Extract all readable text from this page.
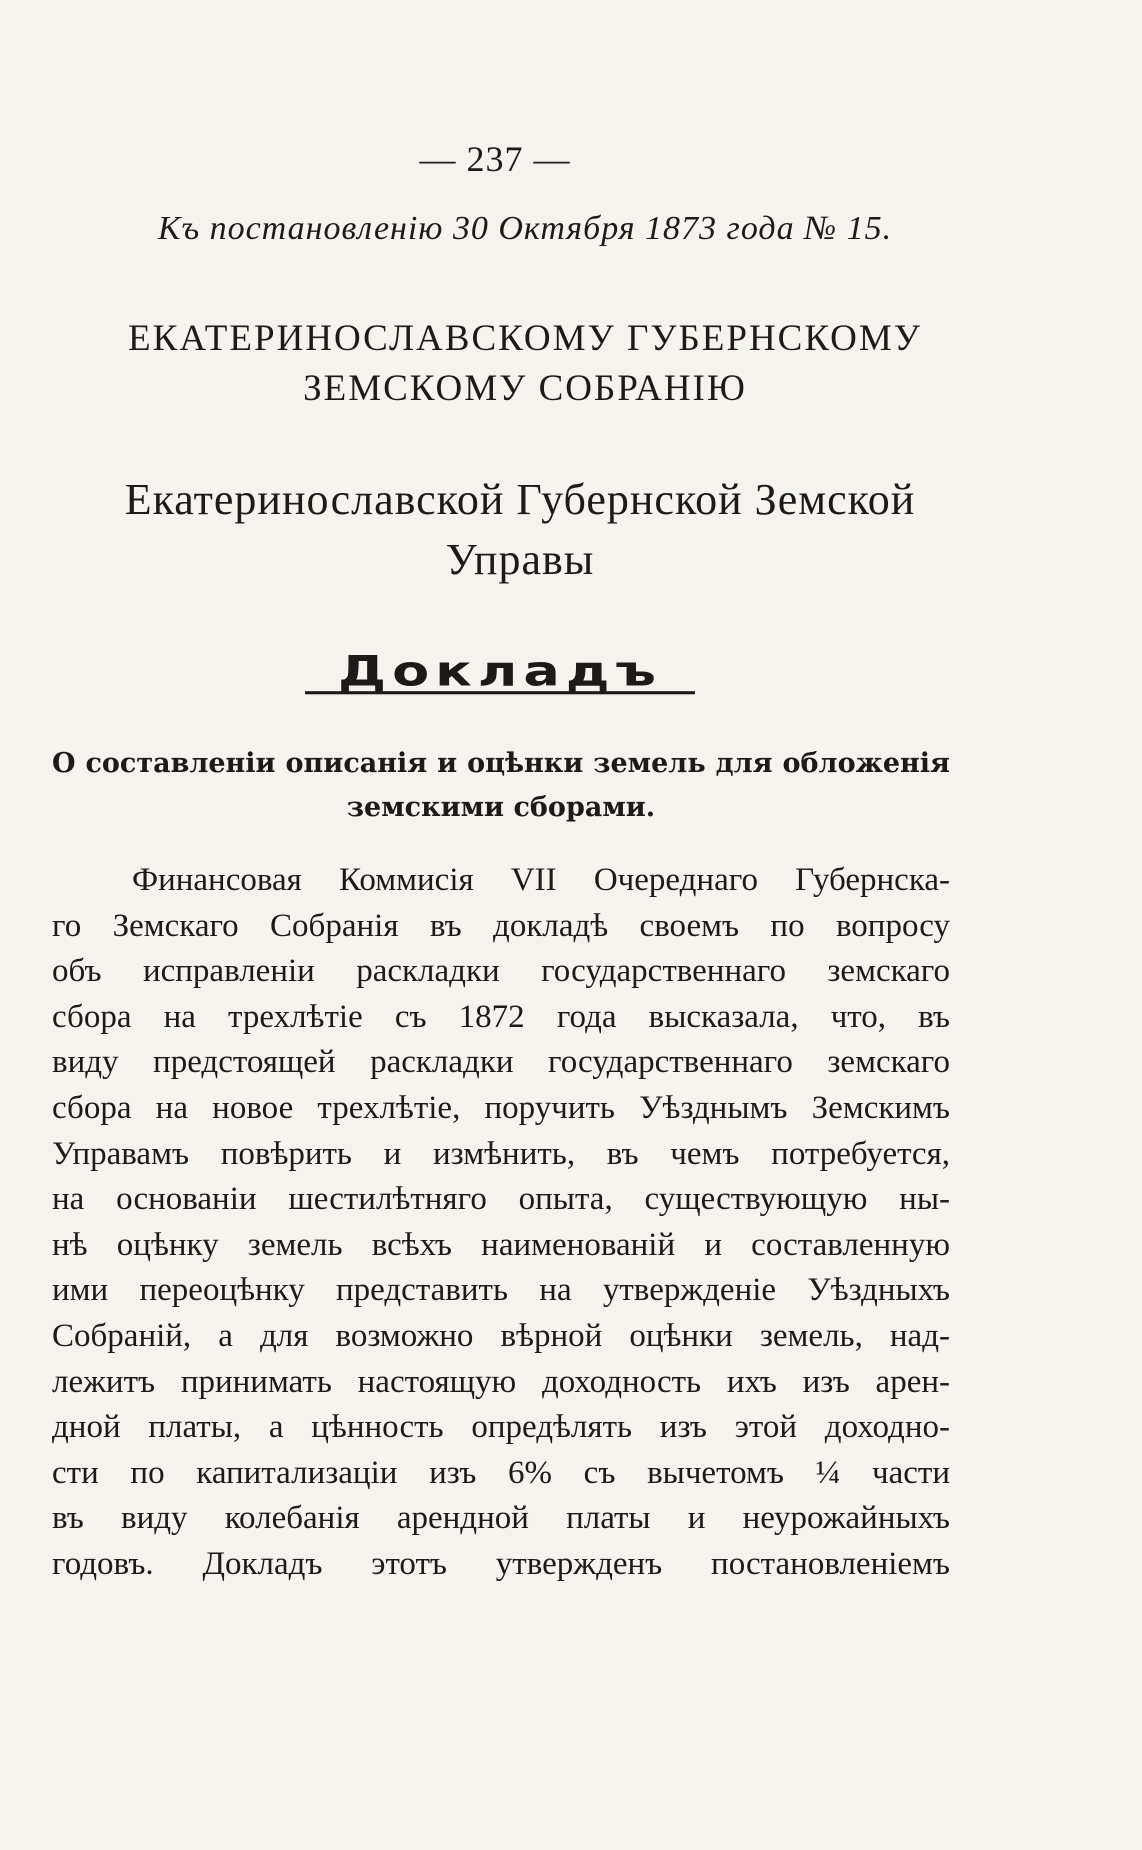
— 237 —
Къ постановленію 30 Октября 1873 года № 15.
ЕКАТЕРИНОСЛАВСКОМУ ГУБЕРНСКОМУ
ЗЕМСКОМУ СОБРАНІЮ
Екатеринославской Губернской Земской
Управы
Докладъ
О составленіи описанія и оцѣнки земель для обложенія земскими сборами.
Финансовая Коммисія VII Очереднаго Губернска-
го Земскаго Собранія въ докладѣ своемъ по вопросу
объ исправленіи раскладки государственнаго земскаго
сбора на трехлѣтіе съ 1872 года высказала, что, въ
виду предстоящей раскладки государственнаго земскаго
сбора на новое трехлѣтіе, поручить Уѣзднымъ Земскимъ
Управамъ повѣрить и измѣнить, въ чемъ потребуется,
на основаніи шестилѣтняго опыта, существующую ны-
нѣ оцѣнку земель всѣхъ наименованій и составленную
ими переоцѣнку представить на утвержденіе Уѣздныхъ
Собраній, а для возможно вѣрной оцѣнки земель, над-
лежитъ принимать настоящую доходность ихъ изъ арен-
дной платы, а цѣнность опредѣлять изъ этой доходно-
сти по капитализаціи изъ 6% съ вычетомъ ¼ части
въ виду колебанія арендной платы и неурожайныхъ
годовъ. Докладъ этотъ утвержденъ постановленіемъ
